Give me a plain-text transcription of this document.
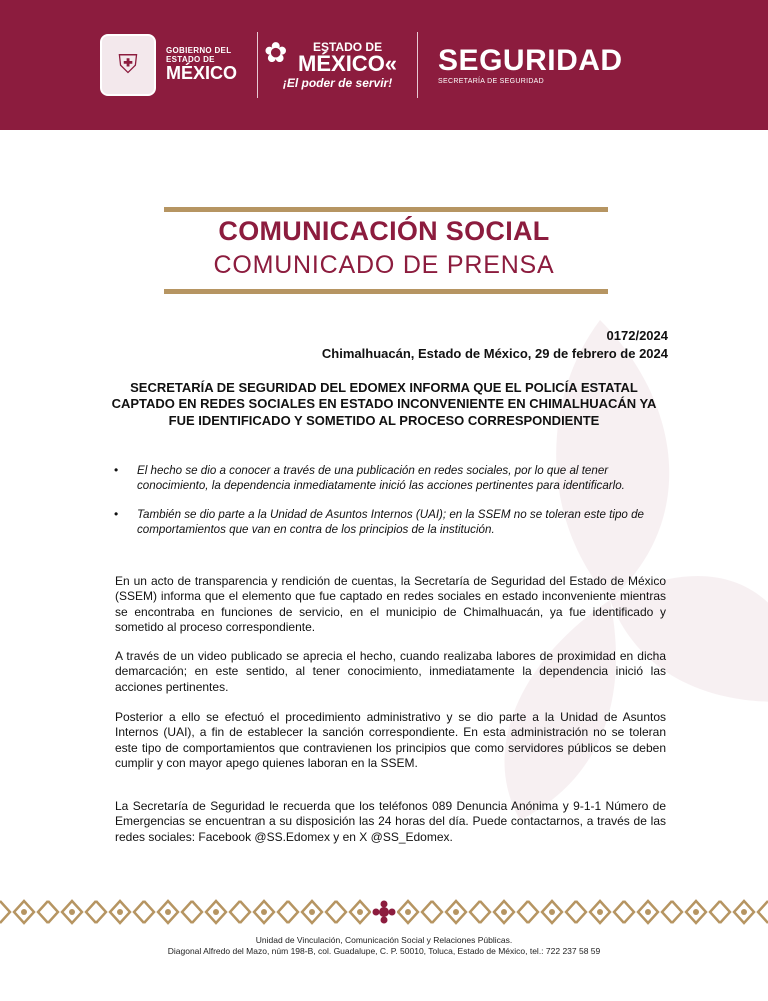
⛨	GOBIERNO DEL
ESTADO DE
MÉXICO
✿	ESTADO DE
MÉXICO«
¡El poder de servir!
SEGURIDAD
SECRETARÍA DE SEGURIDAD
COMUNICACIÓN SOCIAL
COMUNICADO DE PRENSA
0172/2024
Chimalhuacán, Estado de México, 29 de febrero de 2024
SECRETARÍA DE SEGURIDAD DEL EDOMEX INFORMA QUE EL POLICÍA ESTATAL CAPTADO EN REDES SOCIALES EN ESTADO INCONVENIENTE EN CHIMALHUACÁN YA FUE IDENTIFICADO Y SOMETIDO AL PROCESO CORRESPONDIENTE
• El hecho se dio a conocer a través de una publicación en redes sociales, por lo que al tener conocimiento, la dependencia inmediatamente inició las acciones pertinentes para identificarlo.
• También se dio parte a la Unidad de Asuntos Internos (UAI); en la SSEM no se toleran este tipo de comportamientos que van en contra de los principios de la institución.

En un acto de transparencia y rendición de cuentas, la Secretaría de Seguridad del Estado de México (SSEM) informa que el elemento que fue captado en redes sociales en estado inconveniente mientras se encontraba en funciones de servicio, en el municipio de Chimalhuacán, ya fue identificado y sometido al proceso correspondiente.

A través de un video publicado se aprecia el hecho, cuando realizaba labores de proximidad en dicha demarcación; en este sentido, al tener conocimiento, inmediatamente la dependencia inició las acciones pertinentes.

Posterior a ello se efectuó el procedimiento administrativo y se dio parte a la Unidad de Asuntos Internos (UAI), a fin de establecer la sanción correspondiente. En esta administración no se toleran este tipo de comportamientos que contravienen los principios que como servidores públicos se deben cumplir y con mayor apego quienes laboran en la SSEM.

La Secretaría de Seguridad le recuerda que los teléfonos 089 Denuncia Anónima y 9-1-1 Número de Emergencias se encuentran a su disposición las 24 horas del día. Puede contactarnos, a través de las redes sociales: Facebook @SS.Edomex y en X @SS_Edomex.

Unidad de Vinculación, Comunicación Social y Relaciones Públicas.
Diagonal Alfredo del Mazo, núm 198-B, col. Guadalupe, C. P. 50010, Toluca, Estado de México, tel.: 722 237 58 59
